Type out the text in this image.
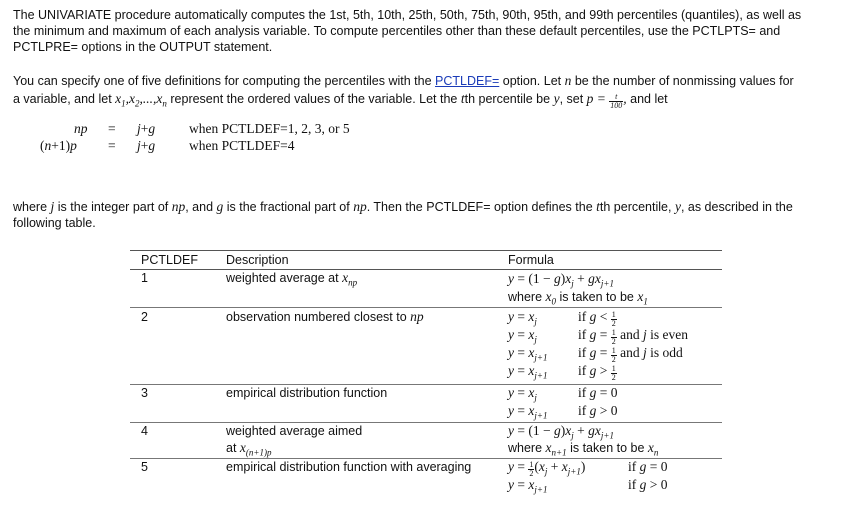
The UNIVARIATE procedure automatically computes the 1st, 5th, 10th, 25th, 50th, 75th, 90th, 95th, and 99th percentiles (quantiles), as well as
the minimum and maximum of each analysis variable. To compute percentiles other than these default percentiles, use the PCTLPTS= and
PCTLPRE= options in the OUTPUT statement.
You can specify one of five definitions for computing the percentiles with the PCTLDEF= option. Let n be the number of nonmissing values for
a variable, and let $x_1,x_2,...,x_n$ represent the ordered values of the variable. Let the tth percentile be y, set $p = \frac{t}{100}$ , and let
np = j+g	when PCTLDEF=1, 2, 3, or 5
(n+1)p = j+g	when PCTLDEF=4
where j is the integer part of np, and g is the fractional part of np. Then the PCTLDEF= option defines the tth percentile, y, as described in the
following table.
PCTLDEF Description	Formula
1	weighted average at $x_{np}$	$y = (1 - g)x_j + gx_{j+1}$
where $x_0$ is taken to be $x_1$
2	observation numbered closest to np	$y = x_j$	if $g < \frac{1}{2}$
$y = x_j$	if $g = \frac{1}{2}$ and j is even
$y = x_{j+1}$ if $g = \frac{1}{2}$ and j is odd
$y = x_{j+1}$ if $g > \frac{1}{2}$
3	empirical distribution function	$y = x_j$	if g = 0
$y = x_{j+1}$ if g > 0
4	weighted average aimed
at $x_{(n+1)p}$
$y = (1 - g)x_j + gx_{j+1}$
where $x_{n+1}$ is taken to be $x_n$
5	empirical distribution function with averaging	$y = \frac{1}{2} (x_j + x_{j+1})$	if g = 0
$y = x_{j+1}$	if g > 0
